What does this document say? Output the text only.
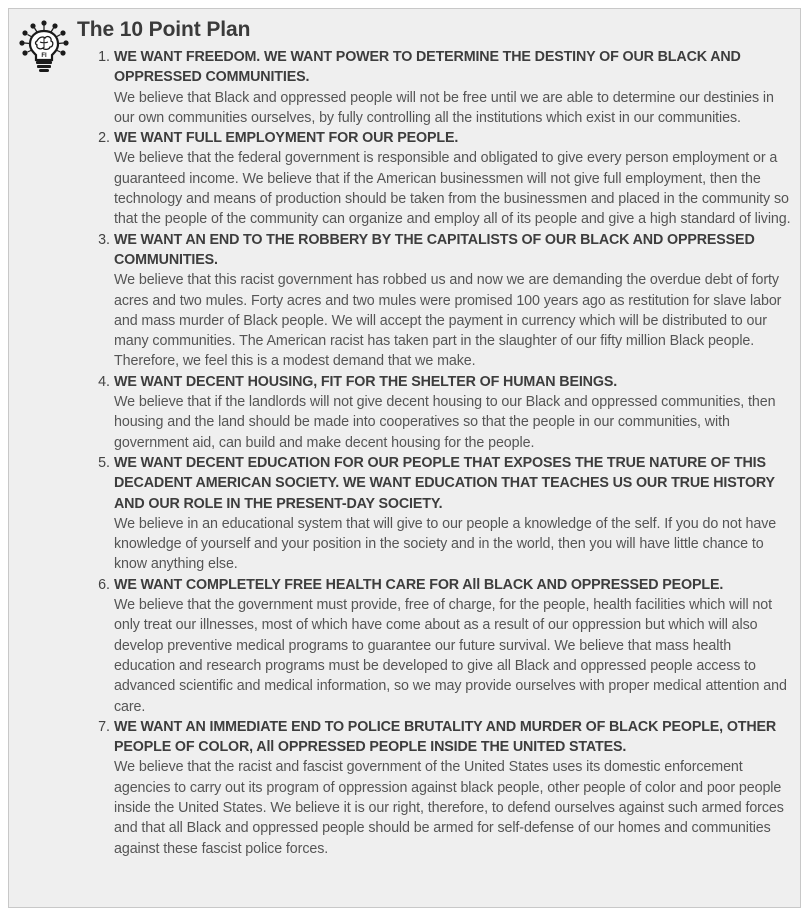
FI
The 10 Point Plan
1. WE WANT FREEDOM. WE WANT POWER TO DETERMINE THE DESTINY OF OUR BLACK AND OPPRESSED COMMUNITIES.
We believe that Black and oppressed people will not be free until we are able to determine our destinies in our own communities ourselves, by fully controlling all the institutions which exist in our communities.
2. WE WANT FULL EMPLOYMENT FOR OUR PEOPLE.
We believe that the federal government is responsible and obligated to give every person employment or a guaranteed income. We believe that if the American businessmen will not give full employment, then the technology and means of production should be taken from the businessmen and placed in the community so that the people of the community can organize and employ all of its people and give a high standard of living.
3. WE WANT AN END TO THE ROBBERY BY THE CAPITALISTS OF OUR BLACK AND OPPRESSED COMMUNITIES.
We believe that this racist government has robbed us and now we are demanding the overdue debt of forty acres and two mules. Forty acres and two mules were promised 100 years ago as restitution for slave labor and mass murder of Black people. We will accept the payment in currency which will be distributed to our many communities. The American racist has taken part in the slaughter of our fifty million Black people. Therefore, we feel this is a modest demand that we make.
4. WE WANT DECENT HOUSING, FIT FOR THE SHELTER OF HUMAN BEINGS.
We believe that if the landlords will not give decent housing to our Black and oppressed communities, then housing and the land should be made into cooperatives so that the people in our communities, with government aid, can build and make decent housing for the people.
5. WE WANT DECENT EDUCATION FOR OUR PEOPLE THAT EXPOSES THE TRUE NATURE OF THIS DECADENT AMERICAN SOCIETY. WE WANT EDUCATION THAT TEACHES US OUR TRUE HISTORY AND OUR ROLE IN THE PRESENT-DAY SOCIETY.
We believe in an educational system that will give to our people a knowledge of the self. If you do not have knowledge of yourself and your position in the society and in the world, then you will have little chance to know anything else.
6. WE WANT COMPLETELY FREE HEALTH CARE FOR All BLACK AND OPPRESSED PEOPLE.
We believe that the government must provide, free of charge, for the people, health facilities which will not only treat our illnesses, most of which have come about as a result of our oppression but which will also develop preventive medical programs to guarantee our future survival. We believe that mass health education and research programs must be developed to give all Black and oppressed people access to advanced scientific and medical information, so we may provide ourselves with proper medical attention and care.
7. WE WANT AN IMMEDIATE END TO POLICE BRUTALITY AND MURDER OF BLACK PEOPLE, OTHER PEOPLE OF COLOR, All OPPRESSED PEOPLE INSIDE THE UNITED STATES.
We believe that the racist and fascist government of the United States uses its domestic enforcement agencies to carry out its program of oppression against black people, other people of color and poor people inside the United States. We believe it is our right, therefore, to defend ourselves against such armed forces and that all Black and oppressed people should be armed for self-defense of our homes and communities against these fascist police forces.
